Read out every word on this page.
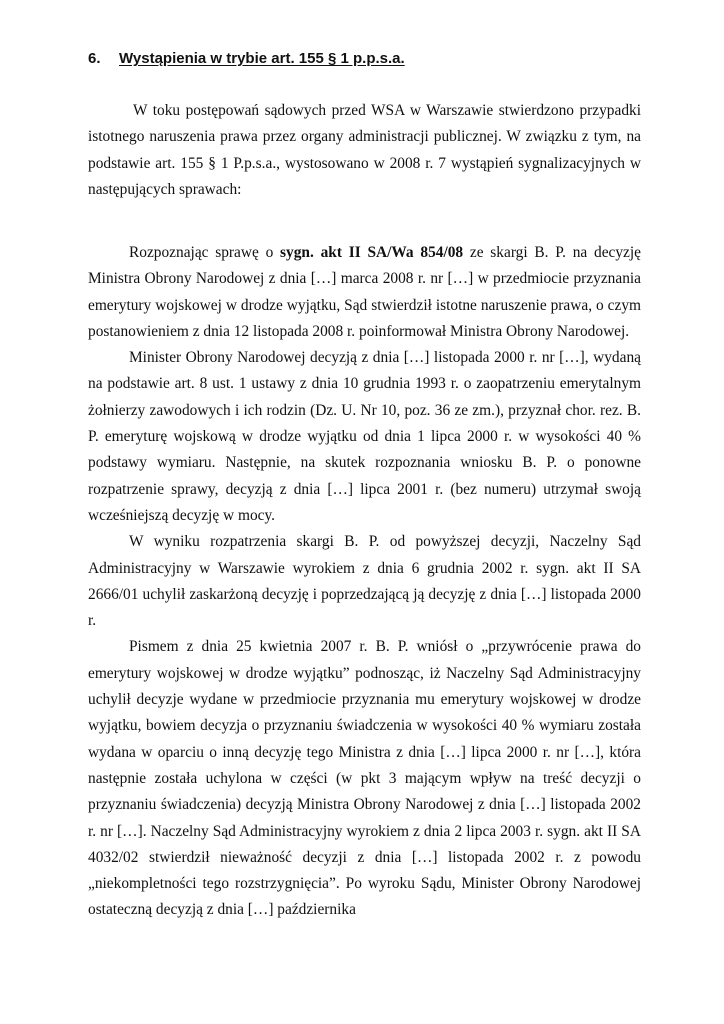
6. Wystąpienia w trybie art. 155 § 1 p.p.s.a.

W toku postępowań sądowych przed WSA w Warszawie stwierdzono przypadki istotnego naruszenia prawa przez organy administracji publicznej. W związku z tym, na podstawie art. 155 § 1 P.p.s.a., wystosowano w 2008 r. 7 wystąpień sygnalizacyjnych w następujących sprawach:

Rozpoznając sprawę o sygn. akt II SA/Wa 854/08 ze skargi B. P. na decyzję Ministra Obrony Narodowej z dnia […] marca 2008 r. nr […] w przedmiocie przyznania emerytury wojskowej w drodze wyjątku, Sąd stwierdził istotne naruszenie prawa, o czym postanowieniem z dnia 12 listopada 2008 r. poinformował Ministra Obrony Narodowej.

Minister Obrony Narodowej decyzją z dnia […] listopada 2000 r. nr […], wydaną na podstawie art. 8 ust. 1 ustawy z dnia 10 grudnia 1993 r. o zaopatrzeniu emerytalnym żołnierzy zawodowych i ich rodzin (Dz. U. Nr 10, poz. 36 ze zm.), przyznał chor. rez. B. P. emeryturę wojskową w drodze wyjątku od dnia 1 lipca 2000 r. w wysokości 40 % podstawy wymiaru. Następnie, na skutek rozpoznania wniosku B. P. o ponowne rozpatrzenie sprawy, decyzją z dnia […] lipca 2001 r. (bez numeru) utrzymał swoją wcześniejszą decyzję w mocy.

W wyniku rozpatrzenia skargi B. P. od powyższej decyzji, Naczelny Sąd Administracyjny w Warszawie wyrokiem z dnia 6 grudnia 2002 r. sygn. akt II SA 2666/01 uchylił zaskarżoną decyzję i poprzedzającą ją decyzję z dnia […] listopada 2000 r.

Pismem z dnia 25 kwietnia 2007 r. B. P. wniósł o „przywrócenie prawa do emerytury wojskowej w drodze wyjątku” podnosząc, iż Naczelny Sąd Administracyjny uchylił decyzje wydane w przedmiocie przyznania mu emerytury wojskowej w drodze wyjątku, bowiem decyzja o przyznaniu świadczenia w wysokości 40 % wymiaru została wydana w oparciu o inną decyzję tego Ministra z dnia […] lipca 2000 r. nr […], która następnie została uchylona w części (w pkt 3 mającym wpływ na treść decyzji o przyznaniu świadczenia) decyzją Ministra Obrony Narodowej z dnia […] listopada 2002 r. nr […]. Naczelny Sąd Administracyjny wyrokiem z dnia 2 lipca 2003 r. sygn. akt II SA 4032/02 stwierdził nieważność decyzji z dnia […] listopada 2002 r. z powodu „niekompletności tego rozstrzygnięcia”. Po wyroku Sądu, Minister Obrony Narodowej ostateczną decyzją z dnia […] października
